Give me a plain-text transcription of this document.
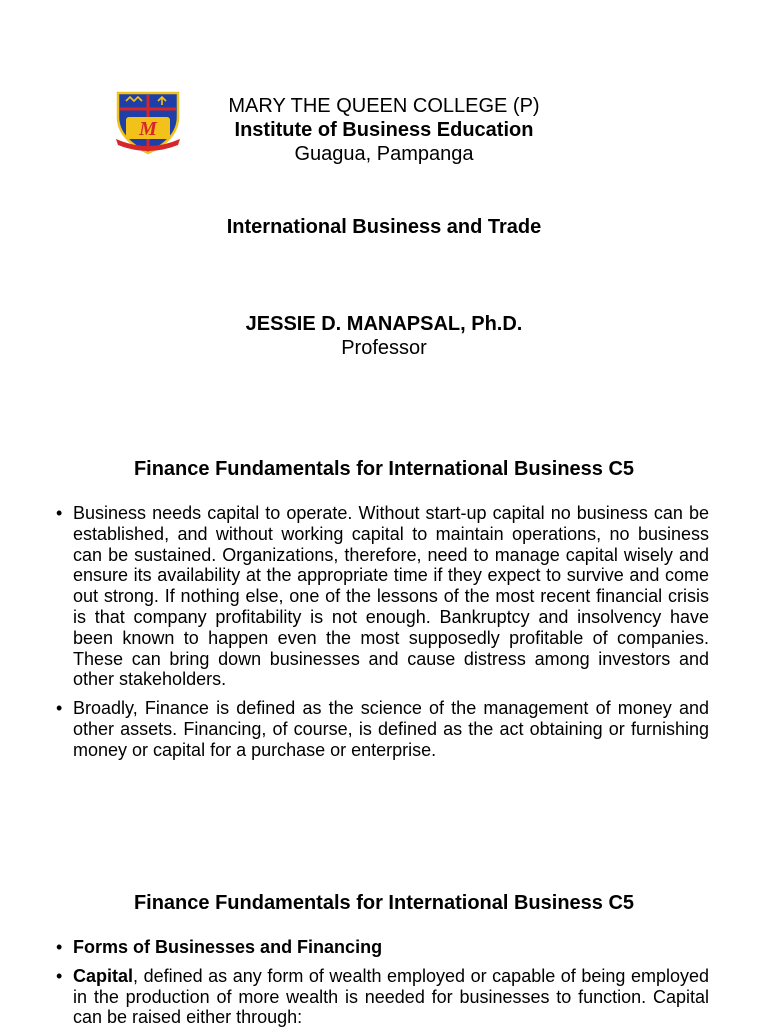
M
MARY THE QUEEN COLLEGE (P)
Institute of Business Education
Guagua, Pampanga
International Business and Trade
JESSIE D. MANAPSAL, Ph.D.
Professor
Finance Fundamentals for International Business C5
• Business needs capital to operate. Without start-up capital no business can be established, and without working capital to maintain operations, no business can be sustained. Organizations, therefore, need to manage capital wisely and ensure its availability at the appropriate time if they expect to survive and come out strong. If nothing else, one of the lessons of the most recent financial crisis is that company profitability is not enough. Bankruptcy and insolvency have been known to happen even the most supposedly profitable of companies. These can bring down businesses and cause distress among investors and other stakeholders.
• Broadly, Finance is defined as the science of the management of money and other assets. Financing, of course, is defined as the act obtaining or furnishing money or capital for a purchase or enterprise.
Finance Fundamentals for International Business C5
• Forms of Businesses and Financing
• Capital, defined as any form of wealth employed or capable of being employed in the production of more wealth is needed for businesses to function. Capital can be raised either through:
